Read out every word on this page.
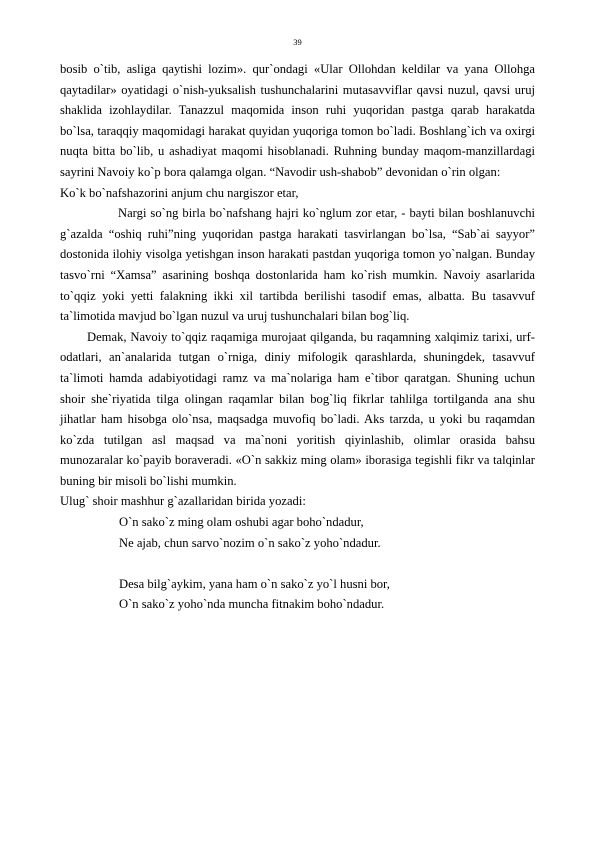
39

bosib o`tib, asliga qaytishi lozim». qur`ondagi «Ular Ollohdan keldilar va yana Ollohga qaytadilar» oyatidagi o`nish-yuksalish tushunchalarini mutasavviflar qavsi nuzul, qavsi uruj shaklida izohlaydilar. Tanazzul maqomida inson ruhi yuqoridan pastga qarab harakatda bo`lsa, taraqqiy maqomidagi harakat quyidan yuqoriga tomon bo`ladi. Boshlang`ich va oxirgi nuqta bitta bo`lib, u ashadiyat maqomi hisoblanadi. Ruhning bunday maqom-manzillardagi sayrini Navoiy ko`p bora qalamga olgan. “Navodir ush-shabob” devonidan o`rin olgan:

Ko`k bo`nafshazorini anjum chu nargiszor etar,

Nargi so`ng birla bo`nafshang hajri ko`nglum zor etar, - bayti bilan boshlanuvchi g`azalda “oshiq ruhi”ning yuqoridan pastga harakati tasvirlangan bo`lsa, “Sab`ai sayyor” dostonida ilohiy visolga yetishgan inson harakati pastdan yuqoriga tomon yo`nalgan. Bunday tasvo`rni “Xamsa” asarining boshqa dostonlarida ham ko`rish mumkin. Navoiy asarlarida to`qqiz yoki yetti falakning ikki xil tartibda berilishi tasodif emas, albatta. Bu tasavvuf ta`limotida mavjud bo`lgan nuzul va uruj tushunchalari bilan bog`liq.

Demak, Navoiy to`qqiz raqamiga murojaat qilganda, bu raqamning xalqimiz tarixi, urf-odatlari, an`analarida tutgan o`rniga, diniy mifologik qarashlarda, shuningdek, tasavvuf ta`limoti hamda adabiyotidagi ramz va ma`nolariga ham e`tibor qaratgan. Shuning uchun shoir she`riyatida tilga olingan raqamlar bilan bog`liq fikrlar tahlilga tortilganda ana shu jihatlar ham hisobga olo`nsa, maqsadga muvofiq bo`ladi. Aks tarzda, u yoki bu raqamdan ko`zda tutilgan asl maqsad va ma`noni yoritish qiyinlashib, olimlar orasida bahsu munozaralar ko`payib boraveradi. «O`n sakkiz ming olam» iborasiga tegishli fikr va talqinlar buning bir misoli bo`lishi mumkin.

Ulug` shoir mashhur g`azallaridan birida yozadi:

O`n sako`z ming olam oshubi agar boho`ndadur,

Ne ajab, chun sarvo`nozim o`n sako`z yoho`ndadur.

Desa bilg`aykim, yana ham o`n sako`z yo`l husni bor,

O`n sako`z yoho`nda muncha fitnakim boho`ndadur.
